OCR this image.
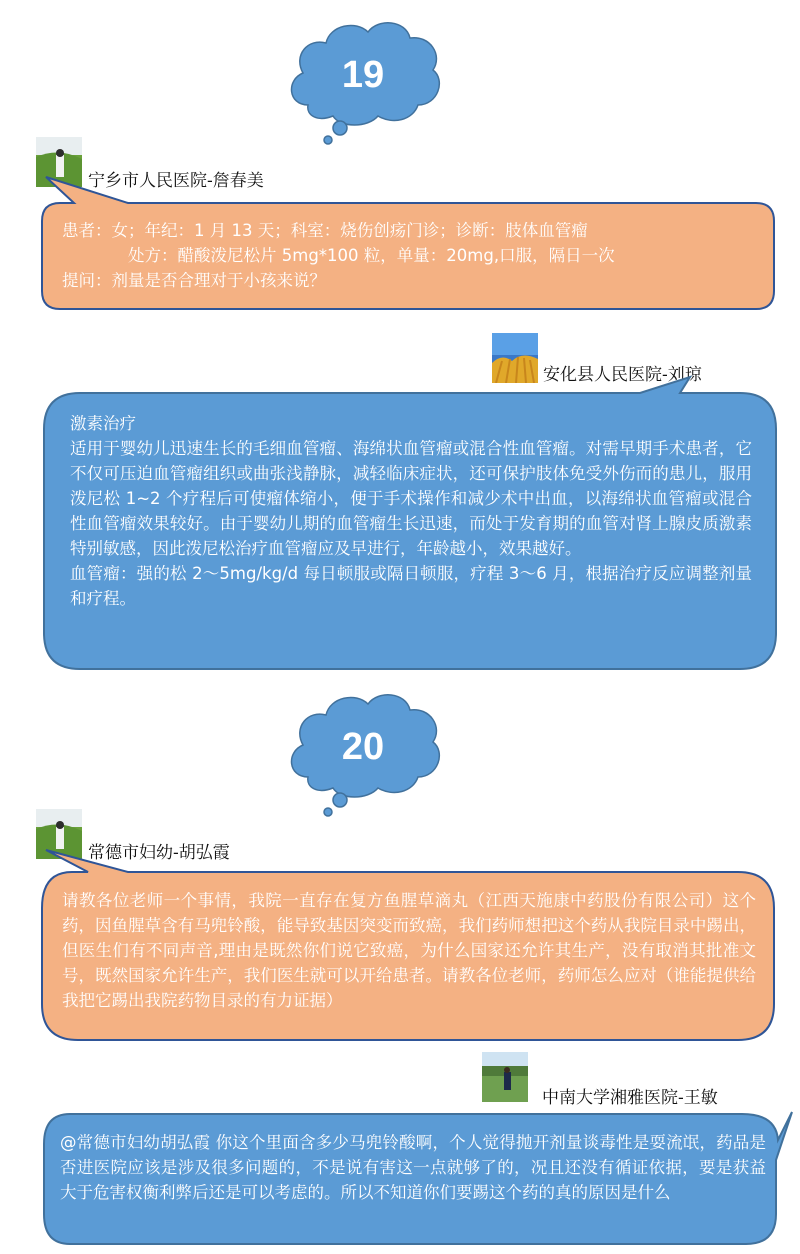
19
宁乡市人民医院-詹春美
患者：女；年纪：1 月 13 天；科室：烧伤创疡门诊；诊断：肢体血管瘤
处方：醋酸泼尼松片 5mg*100 粒，单量：20mg,口服，隔日一次
提问：剂量是否合理对于小孩来说？
安化县人民医院-刘琼
激素治疗
适用于婴幼儿迅速生长的毛细血管瘤、海绵状血管瘤或混合性血管瘤。对需早期手术患者，它不仅可压迫血管瘤组织或曲张浅静脉，减轻临床症状，还可保护肢体免受外伤而的患儿，服用泼尼松 1~2 个疗程后可使瘤体缩小，便于手术操作和减少术中出血，以海绵状血管瘤或混合性血管瘤效果较好。由于婴幼儿期的血管瘤生长迅速，而处于发育期的血管对肾上腺皮质激素特别敏感，因此泼尼松治疗血管瘤应及早进行，年龄越小，效果越好。
血管瘤：强的松 2～5mg/kg/d 每日顿服或隔日顿服，疗程 3～6 月，根据治疗反应调整剂量和疗程。
20
常德市妇幼-胡弘霞
请教各位老师一个事情，我院一直存在复方鱼腥草滴丸（江西天施康中药股份有限公司）这个药，因鱼腥草含有马兜铃酸，能导致基因突变而致癌，我们药师想把这个药从我院目录中踢出，但医生们有不同声音,理由是既然你们说它致癌，为什么国家还允许其生产，没有取消其批准文号，既然国家允许生产，我们医生就可以开给患者。请教各位老师，药师怎么应对（谁能提供给我把它踢出我院药物目录的有力证据）
中南大学湘雅医院-王敏
@常德市妇幼胡弘霞 你这个里面含多少马兜铃酸啊，个人觉得抛开剂量谈毒性是耍流氓，药品是否进医院应该是涉及很多问题的，不是说有害这一点就够了的，况且还没有循证依据，要是获益大于危害权衡利弊后还是可以考虑的。所以不知道你们要踢这个药的真的原因是什么
